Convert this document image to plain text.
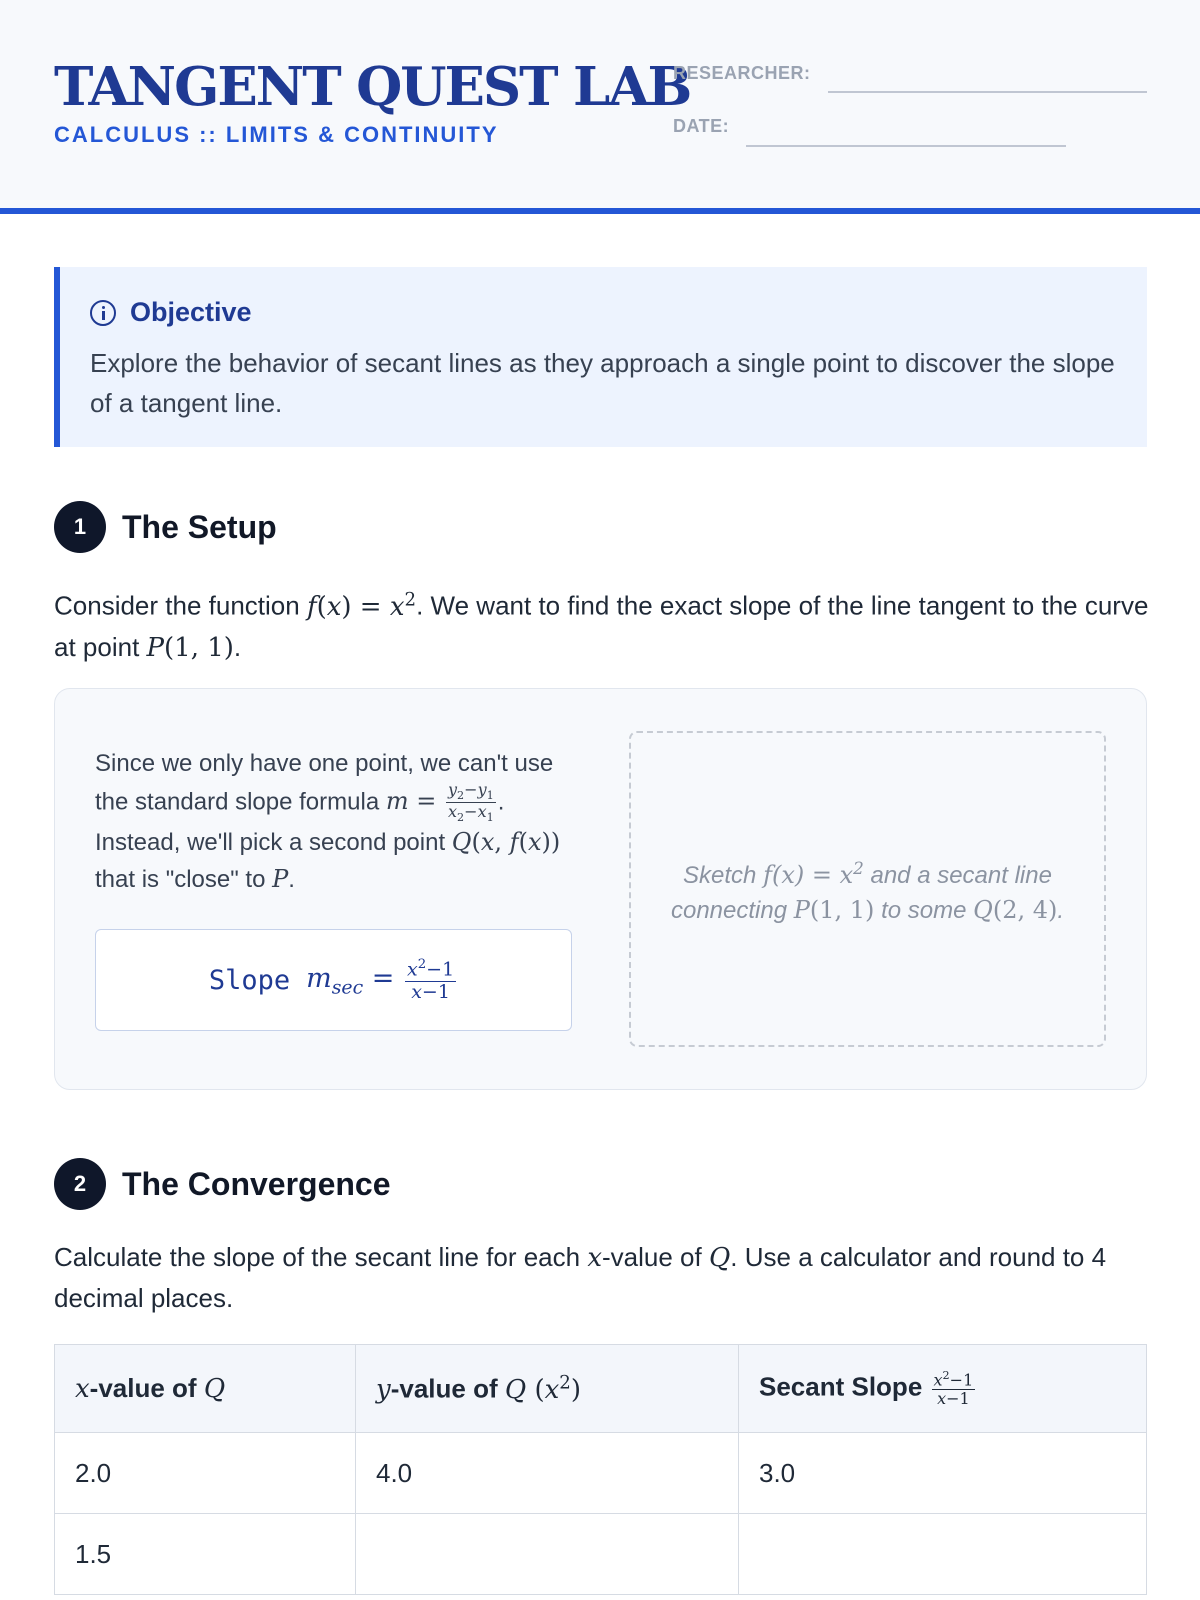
TANGENT QUEST LAB
CALCULUS :: LIMITS & CONTINUITY
RESEARCHER:
DATE:
Objective
Explore the behavior of secant lines as they approach a single point to discover the slope of a tangent line.
1	The Setup
Consider the function $f(x) = x^2$. We want to find the exact slope of the line tangent to the curve at point P(1, 1).
Since we only have one point, we can't use the standard slope formula $m = \frac{y_2-y_1}{x_2-x_1}$ . Instead, we'll pick a second point Q(x, f(x)) that is "close" to P.
Slope $m_{sec} = \frac{x^2-1}{x-1}$
Sketch $f(x) = x^2$ and a secant line connecting P(1, 1) to some Q(2, 4).
2	The Convergence
Calculate the slope of the secant line for each x-value of Q. Use a calculator and round to 4 decimal places.
x-value of Q	y-value of Q $(x^2)$	Secant Slope $\frac{x^2-1}{x-1}$

2.0	4.0	3.0
1.5		
